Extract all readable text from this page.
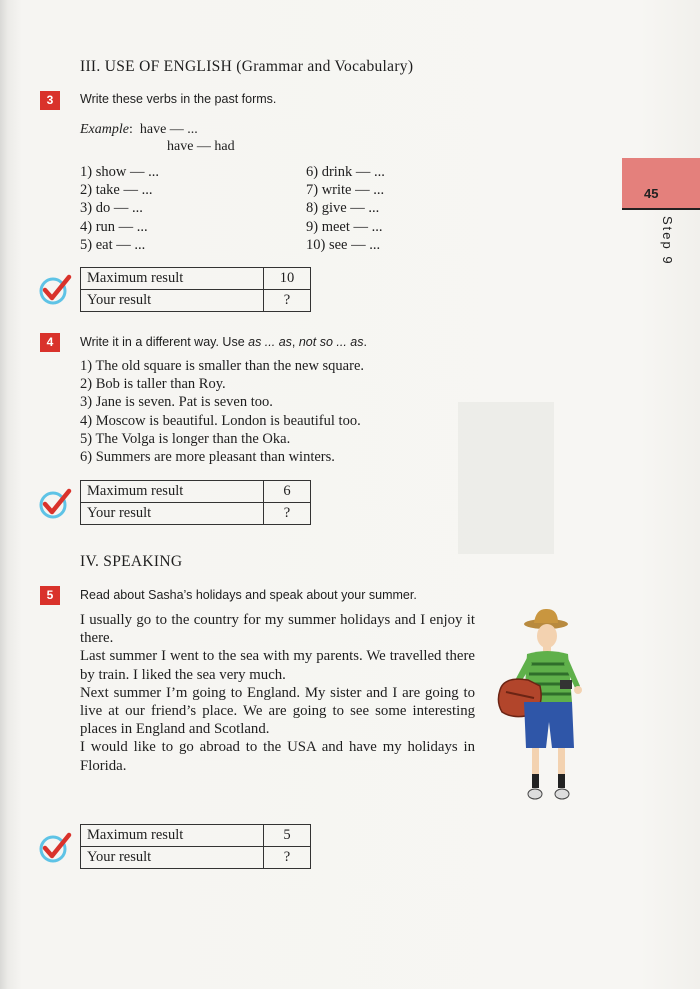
45
Step 9
III. USE OF ENGLISH (Grammar and Vocabulary)
3	Write these verbs in the past forms.
Example:  have — ...
have — had
1) show — ...
2) take — ...
3) do — ...
4) run — ...
5) eat — ...
6) drink — ...
7) write — ...
8) give — ...
9) meet — ...
10) see — ...
Maximum result	10
Your result	?
4	Write it in a different way. Use as ... as, not so ... as.
1) The old square is smaller than the new square.
2) Bob is taller than Roy.
3) Jane is seven. Pat is seven too.
4) Moscow is beautiful. London is beautiful too.
5) The Volga is longer than the Oka.
6) Summers are more pleasant than winters.
Maximum result	6
Your result	?
IV. SPEAKING
5	Read about Sasha’s holidays and speak about your summer.
I usually go to the country for my summer holidays and I enjoy it there.
Last summer I went to the sea with my parents. We travelled there by train. I liked the sea very much.
Next summer I’m going to England. My sister and I are going to live at our friend’s place. We are going to see some interesting places in England and Scotland.
I would like to go abroad to the USA and have my holidays in Florida.
Maximum result	5
Your result	?
